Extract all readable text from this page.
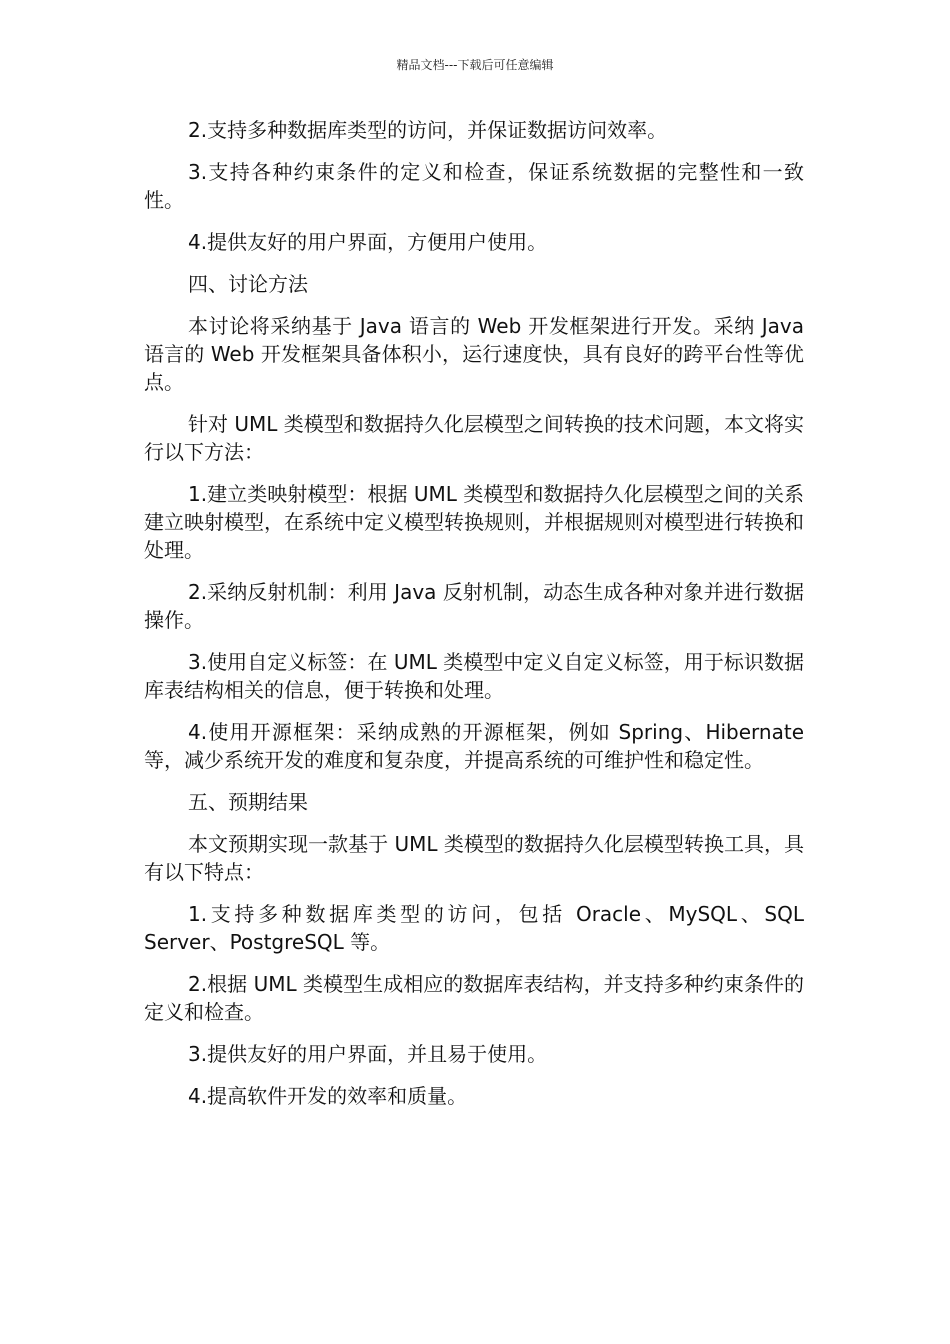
精品文档---下载后可任意编辑

2.支持多种数据库类型的访问，并保证数据访问效率。

3.支持各种约束条件的定义和检查，保证系统数据的完整性和一致性。

4.提供友好的用户界面，方便用户使用。

四、讨论方法

本讨论将采纳基于 Java 语言的 Web 开发框架进行开发。采纳 Java 语言的 Web 开发框架具备体积小，运行速度快，具有良好的跨平台性等优点。

针对 UML 类模型和数据持久化层模型之间转换的技术问题，本文将实行以下方法：

1.建立类映射模型：根据 UML 类模型和数据持久化层模型之间的关系建立映射模型，在系统中定义模型转换规则，并根据规则对模型进行转换和处理。

2.采纳反射机制：利用 Java 反射机制，动态生成各种对象并进行数据操作。

3.使用自定义标签：在 UML 类模型中定义自定义标签，用于标识数据库表结构相关的信息，便于转换和处理。

4.使用开源框架：采纳成熟的开源框架，例如 Spring、Hibernate 等，减少系统开发的难度和复杂度，并提高系统的可维护性和稳定性。

五、预期结果

本文预期实现一款基于 UML 类模型的数据持久化层模型转换工具，具有以下特点：

1.支持多种数据库类型的访问，包括 Oracle、MySQL、SQL Server、PostgreSQL 等。

2.根据 UML 类模型生成相应的数据库表结构，并支持多种约束条件的定义和检查。

3.提供友好的用户界面，并且易于使用。

4.提高软件开发的效率和质量。
